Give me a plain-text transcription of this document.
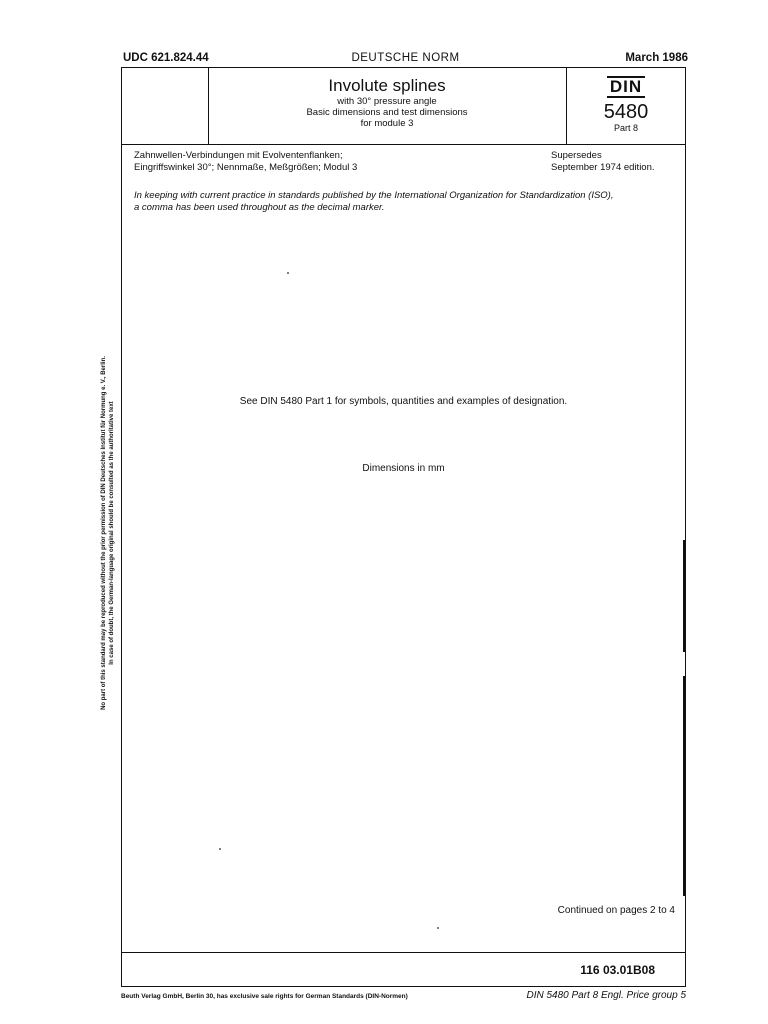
UDC 621.824.44	DEUTSCHE NORM	March 1986
Involute splines
with 30° pressure angle
Basic dimensions and test dimensions
for module 3
DIN
5480
Part 8
Zahnwellen-Verbindungen mit Evolventenflanken;
Eingriffswinkel 30°; Nennmaße, Meßgrößen; Modul 3
Supersedes
September 1974 edition.
In keeping with current practice in standards published by the International Organization for Standardization (ISO),
a comma has been used throughout as the decimal marker.
See DIN 5480 Part 1 for symbols, quantities and examples of designation.
Dimensions in mm
Continued on pages 2 to 4
116 03.01B08
Beuth Verlag GmbH, Berlin 30, has exclusive sale rights for German Standards (DIN-Normen)	DIN 5480 Part 8 Engl. Price group 5
No part of this standard may be reproduced without the prior permission of DIN Deutsches Institut für Normung e. V., Berlin. In case of doubt, the German-language original should be consulted as the authoritative text
